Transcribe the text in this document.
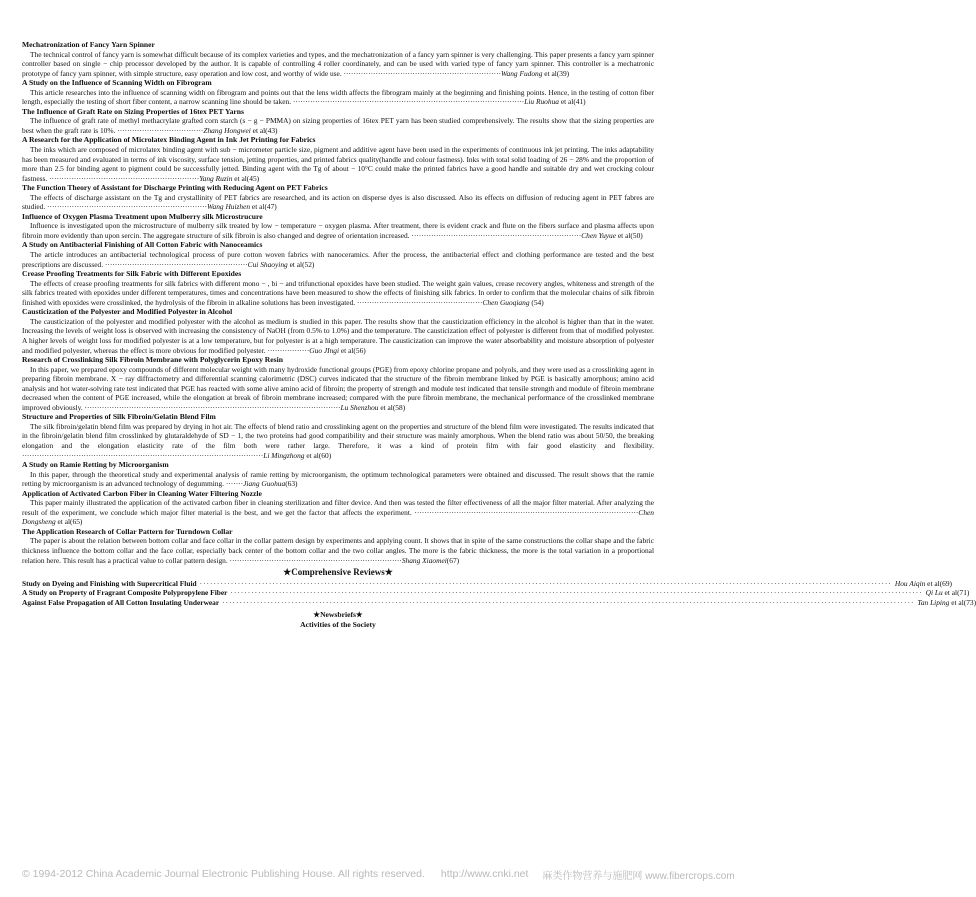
Mechatronization of Fancy Yarn Spinner
The technical control of fancy yarn is somewhat difficult because of its complex varieties and types, and the mechatronization of a fancy yarn spinner is very challenging. This paper presents a fancy yarn spinner controller based on single − chip processor developed by the author. It is capable of controlling 4 roller coordinately, and can be used with varied type of fancy yarn spinner. This controller is a mechatronic prototype of fancy yarn spinner, with simple structure, easy operation and low cost, and worthy of wide use. ································································Wang Fudong et al(39)
A Study on the Influence of Scanning Width on Fibrogram
This article researches into the influence of scanning width on fibrogram and points out that the lens width affects the fibrogram mainly at the beginning and finishing points. Hence, in the testing of cotton fiber length, especially the testing of short fiber content, a narrow scanning line should be taken. ······························································································Liu Ruohua et al(41)
The Influence of Graft Rate on Sizing Properties of 16tex PET Yarns
The influence of graft rate of methyl methacrylate grafted corn starch (s − g − PMMA) on sizing properties of 16tex PET yarn has been studied comprehensively. The results show that the sizing properties are best when the graft rate is 10%. ···································Zhang Hongwei et al(43)
A Research for the Application of Microlatex Binding Agent in Ink Jet Printing for Fabrics
The inks which are composed of microlatex binding agent with sub − micrometer particle size, pigment and additive agent have been used in the experiments of continuous ink jet printing. The inks adaptability has been measured and evaluated in terms of ink viscosity, surface tension, jetting properties, and printed fabrics quality(handle and colour fastness). Inks with total solid loading of 26 − 28% and the proportion of more than 2.5 for binding agent to pigment could be successfully jetted. Binding agent with the Tg of about − 10°C could make the printed fabrics have a good handle and suitable dry and wet crocking colour fastness. ·····························································Yang Ruzin et al(45)
The Function Theory of Assistant for Discharge Printing with Reducing Agent on PET Fabrics
The effects of discharge assistant on the Tg and crystallinity of PET fabrics are researched, and its action on disperse dyes is also discussed. Also its effects on diffusion of reducing agent in PET fabres are studied. ·································································Wang Huizhen et al(47)
Influence of Oxygen Plasma Treatment upon Mulberry silk Microstrucure
Influence is investigated upon the microstructure of mulberry silk treated by low − temperature − oxygen plasma. After treatment, there is evident crack and flute on the fibers surface and plasma affects upon fibroin more evidently than upon sercin. The aggregate structure of silk fibroin is also changed and degree of orientation increased. ·····································································Chen Yuyue et al(50)
A Study on Antibacterial Finishing of All Cotton Fabric with Nanoceamics
The article introduces an antibacterial technological process of pure cotton woven fabrics with nanoceramics. After the process, the antibacterial effect and clothing performance are tested and the best prescriptions are discussed. ··························································Cui Shaoying et al(52)
Crease Proofing Treatments for Silk Fabric with Different Epoxides
The effects of crease proofing treatments for silk fabrics with different mono − , bi − and trifunctional epoxides have been studied. The weight gain values, crease recovery angles, whiteness and strength of the silk fabrics treated with epoxides under different temperatures, times and concentrations have been measured to show the effects of finishing silk fabrics. In order to confirm that the molecular chains of silk fibroin finished with epoxides were crosslinked, the hydrolysis of the fibroin in alkaline solutions has been investigated. ···················································Chen Guoqiang (54)
Causticization of the Polyester and Modified Polyester in Alcohol
The causticization of the polyester and modified polyester with the alcohol as medium is studied in this paper. The results show that the causticization efficiency in the alcohol is higher than that in the water. Increasing the levels of weight loss is observed with increasing the consistency of NaOH (from 0.5% to 1.0%) and the temperature. The causticization effect of polyester is different from that of modified polyester. A higher levels of weight loss for modified polyester is at a low temperature, but for polyester is at a high temperature. The causticization can improve the water absorbability and moisture absorption of polyester and modified polyester, whereas the effect is more obvious for modified polyester. ·················Guo JIngi et al(56)
Research of Crosslinking Silk Fibroin Membrane with Polyglycerin Epoxy Resin
In this paper, we prepared epoxy compounds of different molecular weight with many hydroxide functional groups (PGE) from epoxy chlorine propane and polyols, and they were used as a crosslinking agent in preparing fibroin membrane. X − ray diffractometry and differential scanning calorimetric (DSC) curves indicated that the structure of the fibroin membrane linked by PGE is basically amorphous; amino acid analysis and hot water-solving rate test indicated that PGE has reacted with some alive amino acid of fibroin; the property of strength and module test indicated that tensile strength and module of fibroin membrane decreased when the content of PGE increased, while the elongation at break of fibroin membrane increased; compared with the pure fibroin membrane, the mechanical performance of the crosslinked membrane improved obviously. ········································································································Lu Shenzhou et al(58)
Structure and Properties of Silk Fibroin/Gelatin Blend Film
The silk fibroin/gelatin blend film was prepared by drying in hot air. The effects of blend ratio and crosslinking agent on the properties and structure of the blend film were investigated. The results indicated that in the fibroin/gelatin blend film crosslinked by glutaraldehyde of SD − 1, the two proteins had good compatibility and their structure was mainly amorphous. When the blend ratio was about 50/50, the breaking elongation and the elongation elasticity rate of the film both were rather large. Therefore, it was a kind of protein film with fair good elasticity and flexibility. ··································································································Li Mingzhong et al(60)
A Study on Ramie Retting by Microorganism
In this paper, through the theoretical study and experimental analysis of ramie retting by microorganism, the optimum technological parameters were obtained and discussed. The result shows that the ramie retting by microorganism is an advanced technology of degumming. ·······Jiang Guohua(63)
Application of Activated Carbon Fiber in Cleaning Water Filtering Nozzle
This paper mainly illustrated the application of the activated carbon fiber in cleaning sterilization and filter device. And then was tested the filter effectiveness of all the major filter material. After analyzing the result of the experiment, we conclude which major filter material is the best, and we get the factor that affects the experiment. ···························································································Chen Dongsheng et al(65)
The Application Research of Collar Pattern for Turndown Collar
The paper is about the relation between bottom collar and face collar in the collar pattern design by experiments and applying count. It shows that in spite of the same constructions the collar shape and the fabric thickness influence the bottom collar and the face collar, especially back center of the bottom collar and the two collar angles. The more is the fabric thickness, the more is the total variation in a proportional relation here. This result has a practical value to collar pattern design. ······································································Shang Xiaomei(67)
★Comprehensive Reviews★
Study on Dyeing and Finishing with Supercritical Fluid ········································································································································································································ Hou Aiqin et al(69)
A Study on Property of Fragrant Composite Polypropylene Fiber ········································································································································································································ Qi Lu et al(71)
Against False Propagation of All Cotton Insulating Underwear ········································································································································································································ Tan Liping et al(73)
★Newsbriefs★
Activities of the Society
© 1994-2012 China Academic Journal Electronic Publishing House. All rights reserved. http://www.cnki.net 麻类作物营养与施肥网 www.fibercrops.com
